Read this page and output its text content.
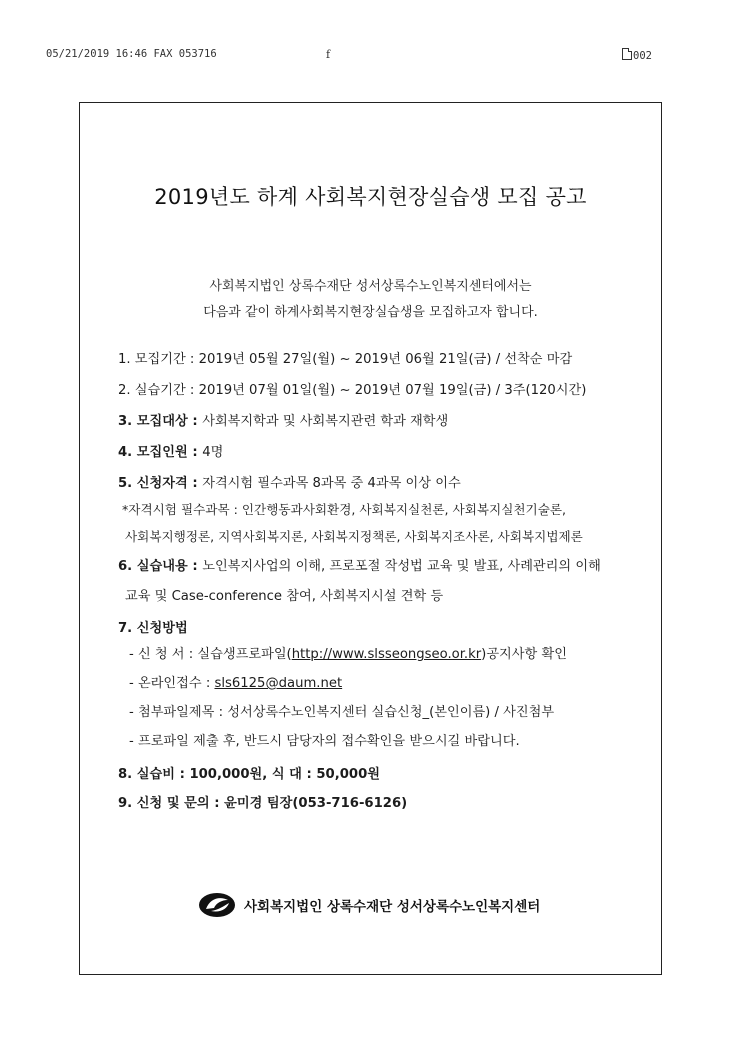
05/21/2019 16:46 FAX 053716	f	002
2019년도 하계 사회복지현장실습생 모집 공고
사회복지법인 상록수재단 성서상록수노인복지센터에서는
다음과 같이 하계사회복지현장실습생을 모집하고자 합니다.
1. 모집기간 : 2019년 05월 27일(월) ~ 2019년 06월 21일(금) / 선착순 마감
2. 실습기간 : 2019년 07월 01일(월) ~ 2019년 07월 19일(금) / 3주(120시간)
3. 모집대상 : 사회복지학과 및 사회복지관련 학과 재학생
4. 모집인원 : 4명
5. 신청자격 : 자격시험 필수과목 8과목 중 4과목 이상 이수
*자격시험 필수과목 : 인간행동과사회환경, 사회복지실천론, 사회복지실천기술론,
사회복지행정론, 지역사회복지론, 사회복지정책론, 사회복지조사론, 사회복지법제론
6. 실습내용 : 노인복지사업의 이해, 프로포절 작성법 교육 및 발표, 사례관리의 이해
교육 및 Case-conference 참여, 사회복지시설 견학 등
7. 신청방법
- 신 청 서 : 실습생프로파일(http://www.slsseongseo.or.kr)공지사항 확인
- 온라인접수 : sls6125@daum.net
- 첨부파일제목 : 성서상록수노인복지센터 실습신청_(본인이름) / 사진첨부
- 프로파일 제출 후, 반드시 담당자의 접수확인을 받으시길 바랍니다.
8. 실습비 : 100,000원, 식 대 : 50,000원
9. 신청 및 문의 : 윤미경 팀장(053-716-6126)
사회복지법인 상록수재단 성서상록수노인복지센터
